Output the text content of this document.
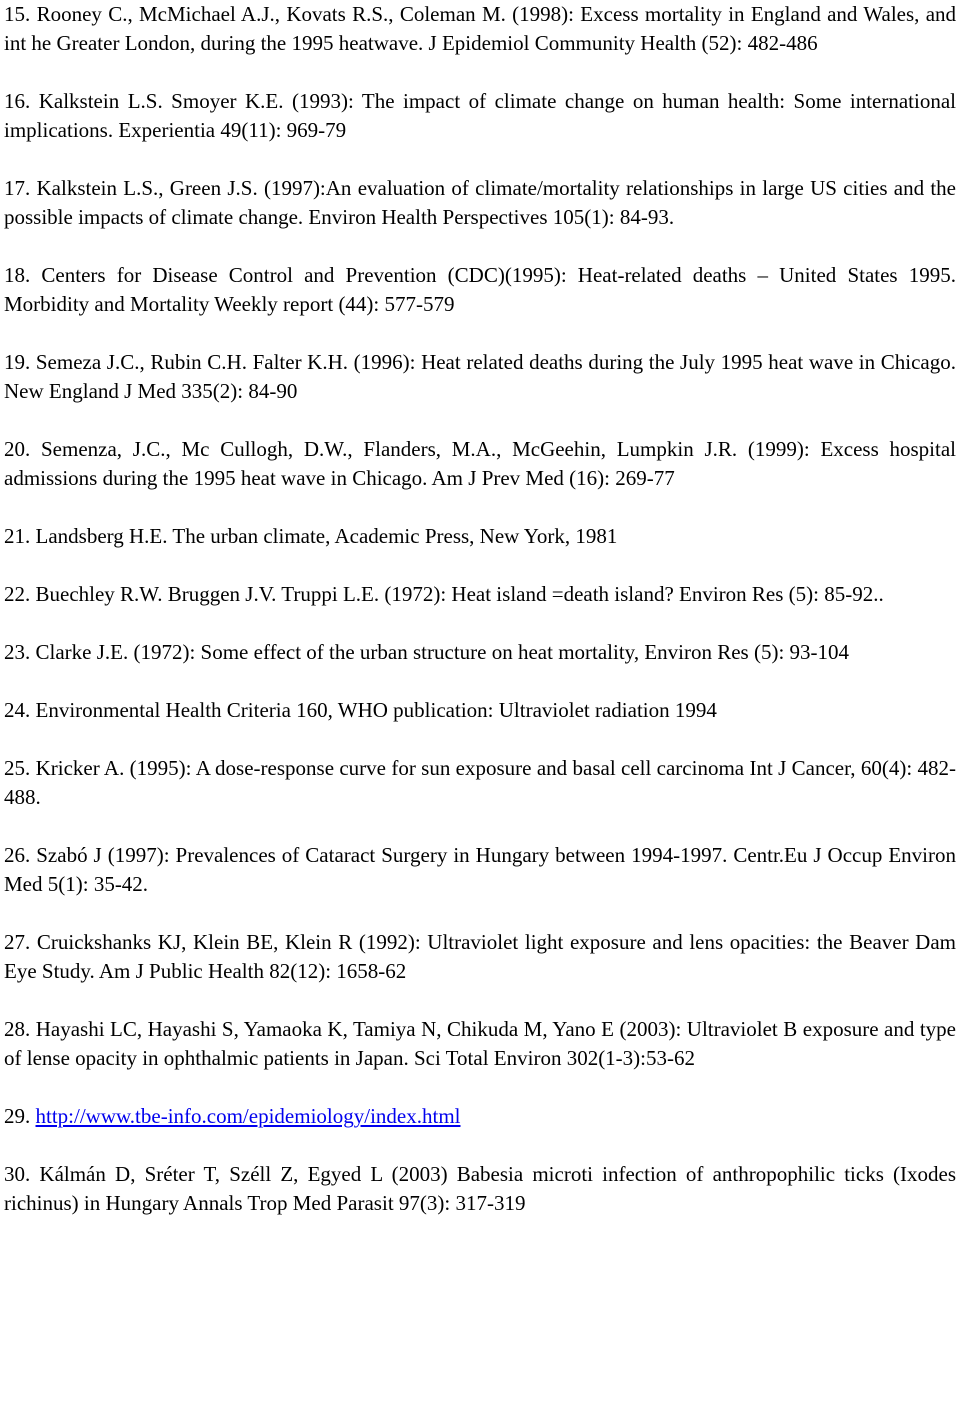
15. Rooney C., McMichael A.J., Kovats R.S., Coleman M. (1998): Excess mortality in England and Wales, and int he Greater London, during the 1995 heatwave. J Epidemiol Community Health (52): 482-486

16. Kalkstein L.S. Smoyer K.E. (1993): The impact of climate change on human health: Some international implications. Experientia 49(11): 969-79

17. Kalkstein L.S., Green J.S. (1997):An evaluation of climate/mortality relationships in large US cities and the possible impacts of climate change. Environ Health Perspectives 105(1): 84-93.

18. Centers for Disease Control and Prevention (CDC)(1995): Heat-related deaths – United States 1995. Morbidity and Mortality Weekly report (44): 577-579

19. Semeza J.C., Rubin C.H. Falter K.H. (1996): Heat related deaths during the July 1995 heat wave in Chicago. New England J Med 335(2): 84-90

20. Semenza, J.C., Mc Cullogh, D.W., Flanders, M.A., McGeehin, Lumpkin J.R. (1999): Excess hospital admissions during the 1995 heat wave in Chicago. Am J Prev Med (16): 269-77

21. Landsberg H.E. The urban climate, Academic Press, New York, 1981

22. Buechley R.W. Bruggen J.V. Truppi L.E. (1972): Heat island =death island? Environ Res (5): 85-92..

23. Clarke J.E. (1972): Some effect of the urban structure on heat mortality, Environ Res (5): 93-104

24. Environmental Health Criteria 160, WHO publication: Ultraviolet radiation 1994

25. Kricker A. (1995): A dose-response curve for sun exposure and basal cell carcinoma Int J Cancer, 60(4): 482-488.

26. Szabó J (1997): Prevalences of Cataract Surgery in Hungary between 1994-1997. Centr.Eu J Occup Environ Med 5(1): 35-42.

27. Cruickshanks KJ, Klein BE, Klein R (1992): Ultraviolet light exposure and lens opacities: the Beaver Dam Eye Study. Am J Public Health 82(12): 1658-62

28. Hayashi LC, Hayashi S, Yamaoka K, Tamiya N, Chikuda M, Yano E (2003): Ultraviolet B exposure and type of lense opacity in ophthalmic patients in Japan. Sci Total Environ 302(1-3):53-62

29. http://www.tbe-info.com/epidemiology/index.html

30. Kálmán D, Sréter T, Széll Z, Egyed L (2003) Babesia microti infection of anthropophilic ticks (Ixodes richinus) in Hungary Annals Trop Med Parasit 97(3): 317-319
